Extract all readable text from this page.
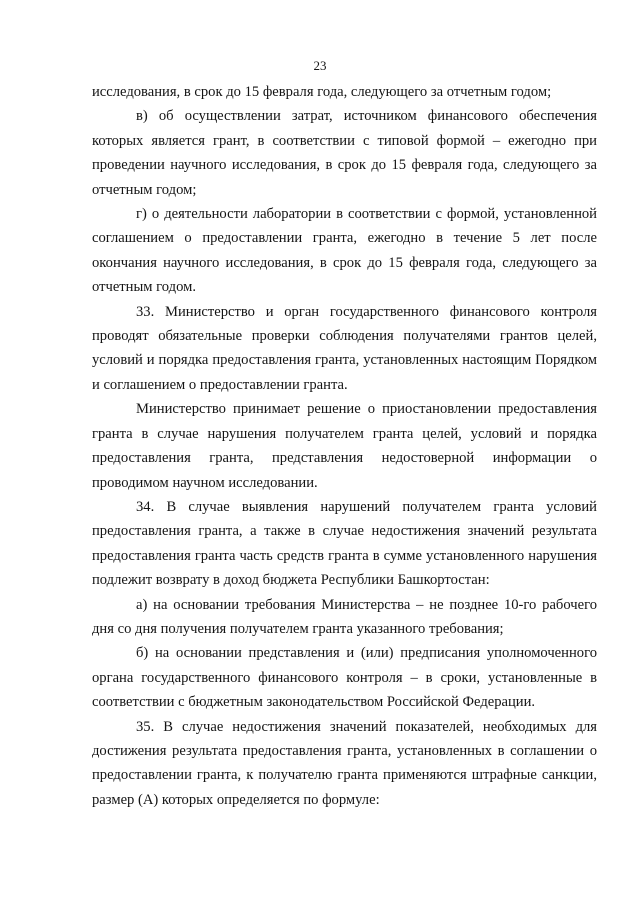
23

исследования, в срок до 15 февраля года, следующего за отчетным годом;

в) об осуществлении затрат, источником финансового обеспечения которых является грант, в соответствии с типовой формой – ежегодно при проведении научного исследования, в срок до 15 февраля года, следующего за отчетным годом;

г) о деятельности лаборатории в соответствии с формой, установленной соглашением о предоставлении гранта, ежегодно в течение 5 лет после окончания научного исследования, в срок до 15 февраля года, следующего за отчетным годом.

33. Министерство и орган государственного финансового контроля проводят обязательные проверки соблюдения получателями грантов целей, условий и порядка предоставления гранта, установленных настоящим Порядком и соглашением о предоставлении гранта.

Министерство принимает решение о приостановлении предоставления гранта в случае нарушения получателем гранта целей, условий и порядка предоставления гранта, представления недостоверной информации о проводимом научном исследовании.

34. В случае выявления нарушений получателем гранта условий предоставления гранта, а также в случае недостижения значений результата предоставления гранта часть средств гранта в сумме установленного нарушения подлежит возврату в доход бюджета Республики Башкортостан:

а) на основании требования Министерства – не позднее 10-го рабочего дня со дня получения получателем гранта указанного требования;

б) на основании представления и (или) предписания уполномоченного органа государственного финансового контроля – в сроки, установленные в соответствии с бюджетным законодательством Российской Федерации.

35. В случае недостижения значений показателей, необходимых для достижения результата предоставления гранта, установленных в соглашении о предоставлении гранта, к получателю гранта применяются штрафные санкции, размер (А) которых определяется по формуле:
